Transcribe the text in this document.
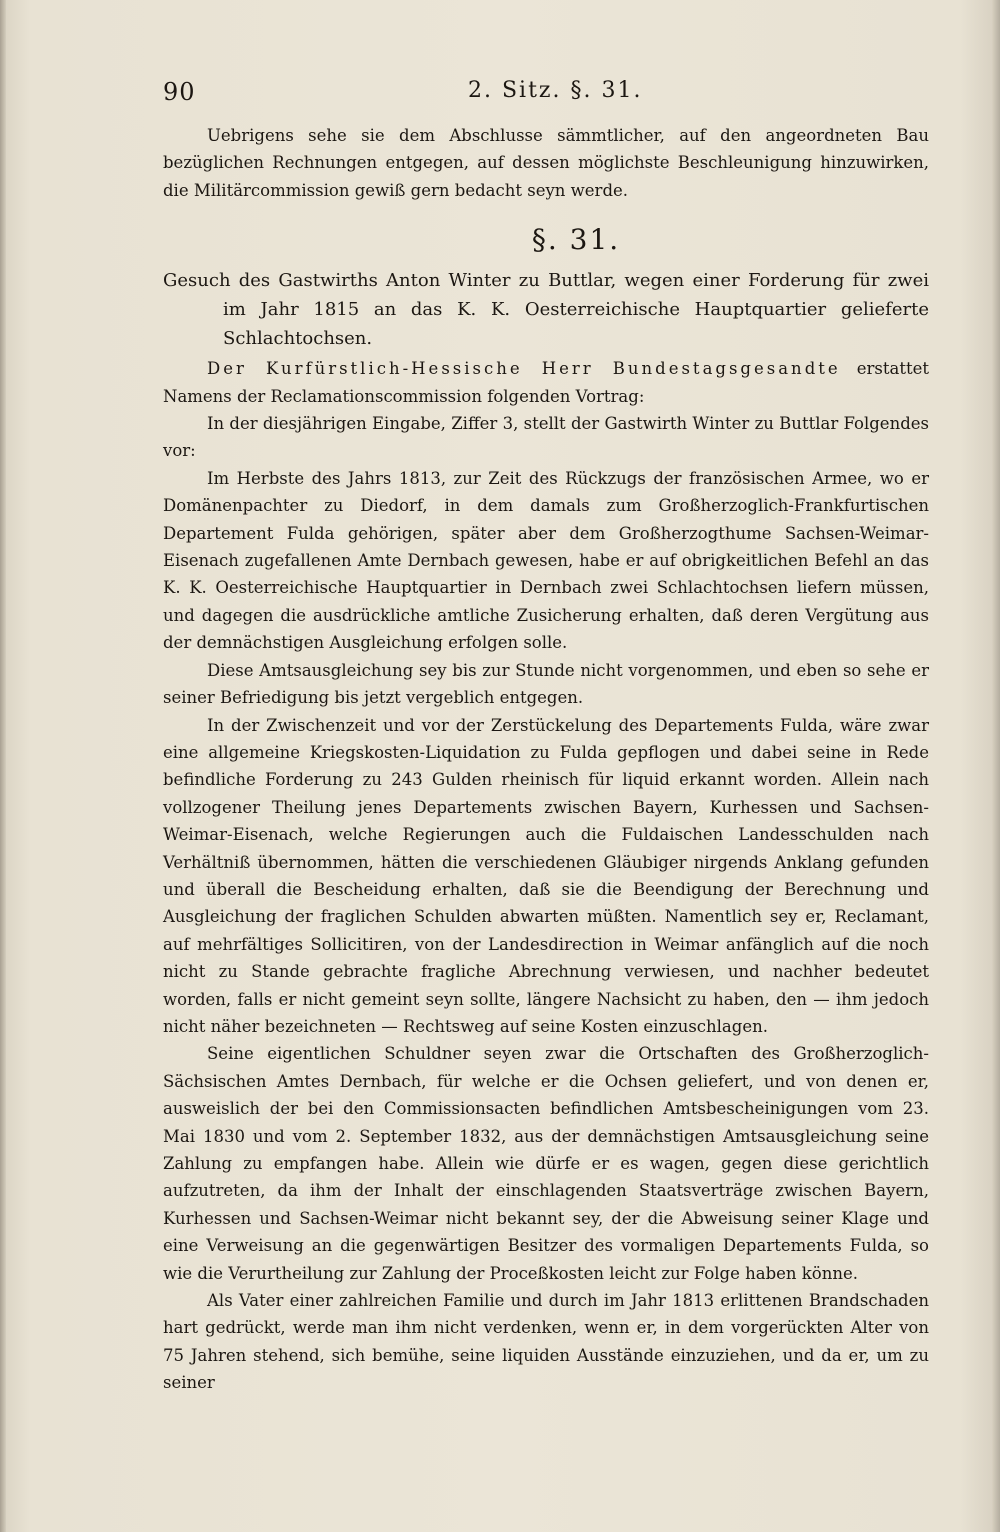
90	2. Sitz. §. 31.

Uebrigens sehe sie dem Abschlusse sämmtlicher, auf den angeordneten Bau bezüglichen Rechnungen entgegen, auf dessen möglichste Beschleunigung hinzuwirken, die Militärcommission gewiß gern bedacht seyn werde.

§. 31.

Gesuch des Gastwirths Anton Winter zu Buttlar, wegen einer Forderung für zwei im Jahr 1815 an das K. K. Oesterreichische Hauptquartier gelieferte Schlachtochsen.

Der Kurfürstlich-Hessische Herr Bundestagsgesandte erstattet Namens der Reclamationscommission folgenden Vortrag:

In der diesjährigen Eingabe, Ziffer 3, stellt der Gastwirth Winter zu Buttlar Folgendes vor:

Im Herbste des Jahrs 1813, zur Zeit des Rückzugs der französischen Armee, wo er Domänenpachter zu Diedorf, in dem damals zum Großherzoglich-Frankfurtischen Departement Fulda gehörigen, später aber dem Großherzogthume Sachsen-Weimar-Eisenach zugefallenen Amte Dernbach gewesen, habe er auf obrigkeitlichen Befehl an das K. K. Oesterreichische Hauptquartier in Dernbach zwei Schlachtochsen liefern müssen, und dagegen die ausdrückliche amtliche Zusicherung erhalten, daß deren Vergütung aus der demnächstigen Ausgleichung erfolgen solle.

Diese Amtsausgleichung sey bis zur Stunde nicht vorgenommen, und eben so sehe er seiner Befriedigung bis jetzt vergeblich entgegen.

In der Zwischenzeit und vor der Zerstückelung des Departements Fulda, wäre zwar eine allgemeine Kriegskosten-Liquidation zu Fulda gepflogen und dabei seine in Rede befindliche Forderung zu 243 Gulden rheinisch für liquid erkannt worden. Allein nach vollzogener Theilung jenes Departements zwischen Bayern, Kurhessen und Sachsen-Weimar-Eisenach, welche Regierungen auch die Fuldaischen Landesschulden nach Verhältniß übernommen, hätten die verschiedenen Gläubiger nirgends Anklang gefunden und überall die Bescheidung erhalten, daß sie die Beendigung der Berechnung und Ausgleichung der fraglichen Schulden abwarten müßten. Namentlich sey er, Reclamant, auf mehrfältiges Sollicitiren, von der Landesdirection in Weimar anfänglich auf die noch nicht zu Stande gebrachte fragliche Abrechnung verwiesen, und nachher bedeutet worden, falls er nicht gemeint seyn sollte, längere Nachsicht zu haben, den — ihm jedoch nicht näher bezeichneten — Rechtsweg auf seine Kosten einzuschlagen.

Seine eigentlichen Schuldner seyen zwar die Ortschaften des Großherzoglich-Sächsischen Amtes Dernbach, für welche er die Ochsen geliefert, und von denen er, ausweislich der bei den Commissionsacten befindlichen Amtsbescheinigungen vom 23. Mai 1830 und vom 2. September 1832, aus der demnächstigen Amtsausgleichung seine Zahlung zu empfangen habe. Allein wie dürfe er es wagen, gegen diese gerichtlich aufzutreten, da ihm der Inhalt der einschlagenden Staatsverträge zwischen Bayern, Kurhessen und Sachsen-Weimar nicht bekannt sey, der die Abweisung seiner Klage und eine Verweisung an die gegenwärtigen Besitzer des vormaligen Departements Fulda, so wie die Verurtheilung zur Zahlung der Proceßkosten leicht zur Folge haben könne.

Als Vater einer zahlreichen Familie und durch im Jahr 1813 erlittenen Brandschaden hart gedrückt, werde man ihm nicht verdenken, wenn er, in dem vorgerückten Alter von 75 Jahren stehend, sich bemühe, seine liquiden Ausstände einzuziehen, und da er, um zu seiner
